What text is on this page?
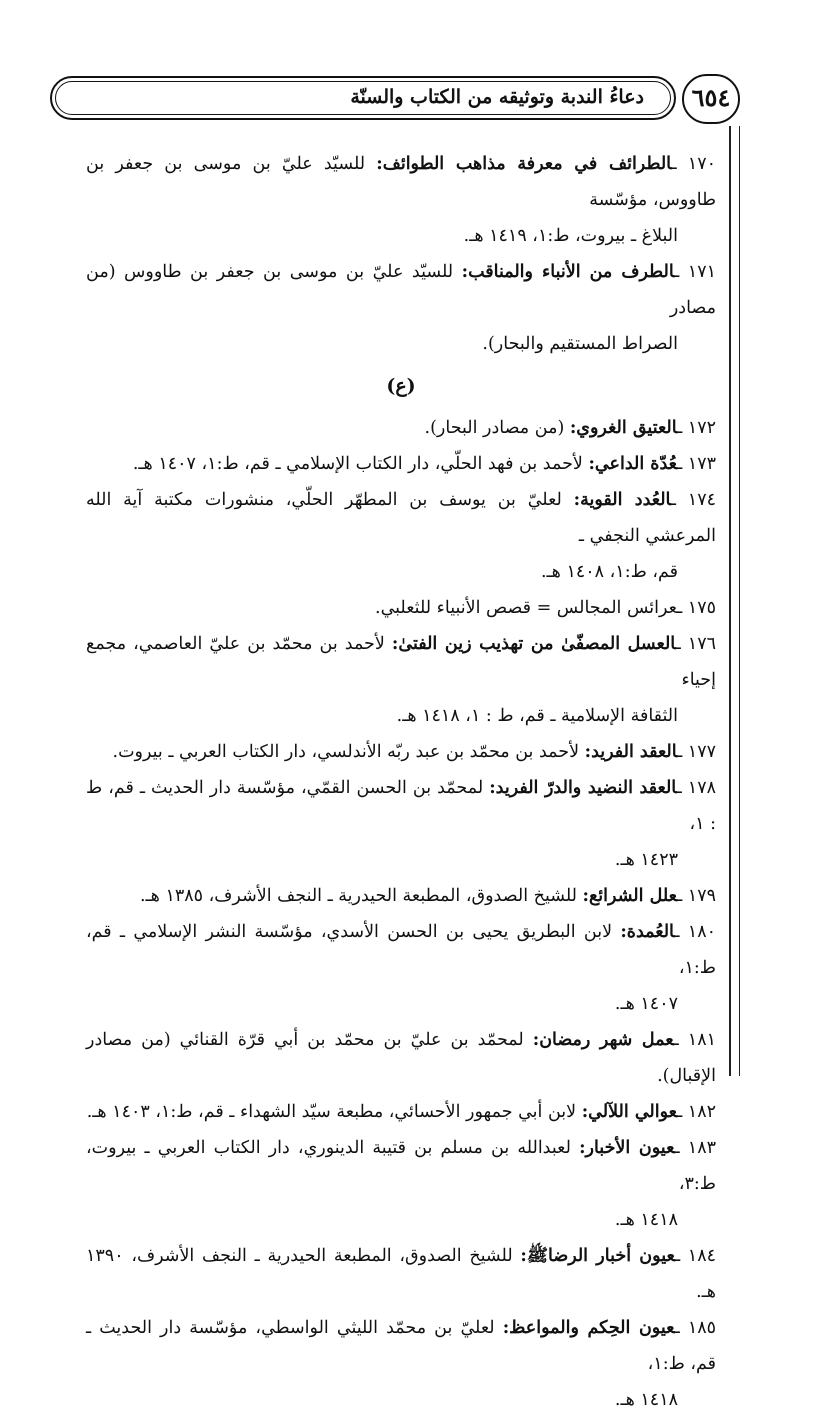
دعاءُ الندبة وتوثيقه من الكتاب والسنّة	٦٥٤
١٧٠ ـالطرائف في معرفة مذاهب الطوائف: للسيّد عليّ بن موسى بن جعفر بن طاووس، مؤسّسة
البلاغ ـ بيروت، ط:١، ١٤١٩ هـ.
١٧١ ـالطرف من الأنباء والمناقب: للسيّد عليّ بن موسى بن جعفر بن طاووس (من مصادر
الصراط المستقيم والبحار).
(ع)
١٧٢ ـالعتيق الغروي: (من مصادر البحار).
١٧٣ ـعُدّة الداعي: لأحمد بن فهد الحلّي، دار الكتاب الإسلامي ـ قم، ط:١، ١٤٠٧ هـ.
١٧٤ ـالعُدد القوية: لعليّ بن يوسف بن المطهّر الحلّي، منشورات مكتبة آية الله المرعشي النجفي ـ
قم، ط:١، ١٤٠٨ هـ.
١٧٥ ـعرائس المجالس = قصص الأنبياء للثعلبي.
١٧٦ ـالعسل المصفّىٰ من تهذيب زين الفتىٰ: لأحمد بن محمّد بن عليّ العاصمي، مجمع إحياء
الثقافة الإسلامية ـ قم، ط : ١، ١٤١٨ هـ.
١٧٧ ـالعقد الفريد: لأحمد بن محمّد بن عبد ربّه الأندلسي، دار الكتاب العربي ـ بيروت.
١٧٨ ـالعقد النضيد والدرّ الفريد: لمحمّد بن الحسن القمّي، مؤسّسة دار الحديث ـ قم، ط : ١،
١٤٢٣ هـ.
١٧٩ ـعلل الشرائع: للشيخ الصدوق، المطبعة الحيدرية ـ النجف الأشرف، ١٣٨٥ هـ.
١٨٠ ـالعُمدة: لابن البطريق يحيى بن الحسن الأسدي، مؤسّسة النشر الإسلامي ـ قم، ط:١،
١٤٠٧ هـ.
١٨١ ـعمل شهر رمضان: لمحمّد بن عليّ بن محمّد بن أبي قرّة القنائي (من مصادر الإقبال).
١٨٢ ـعوالي اللآلي: لابن أبي جمهور الأحسائي، مطبعة سيّد الشهداء ـ قم، ط:١، ١٤٠٣ هـ.
١٨٣ ـعيون الأخبار: لعبدالله بن مسلم بن قتيبة الدينوري، دار الكتاب العربي ـ بيروت، ط:٣،
١٤١٨ هـ.
١٨٤ ـعيون أخبار الرضاﷺ: للشيخ الصدوق، المطبعة الحيدرية ـ النجف الأشرف، ١٣٩٠ هـ.
١٨٥ ـعيون الحِكم والمواعظ: لعليّ بن محمّد الليثي الواسطي، مؤسّسة دار الحديث ـ قم، ط:١،
١٤١٨ هـ.
